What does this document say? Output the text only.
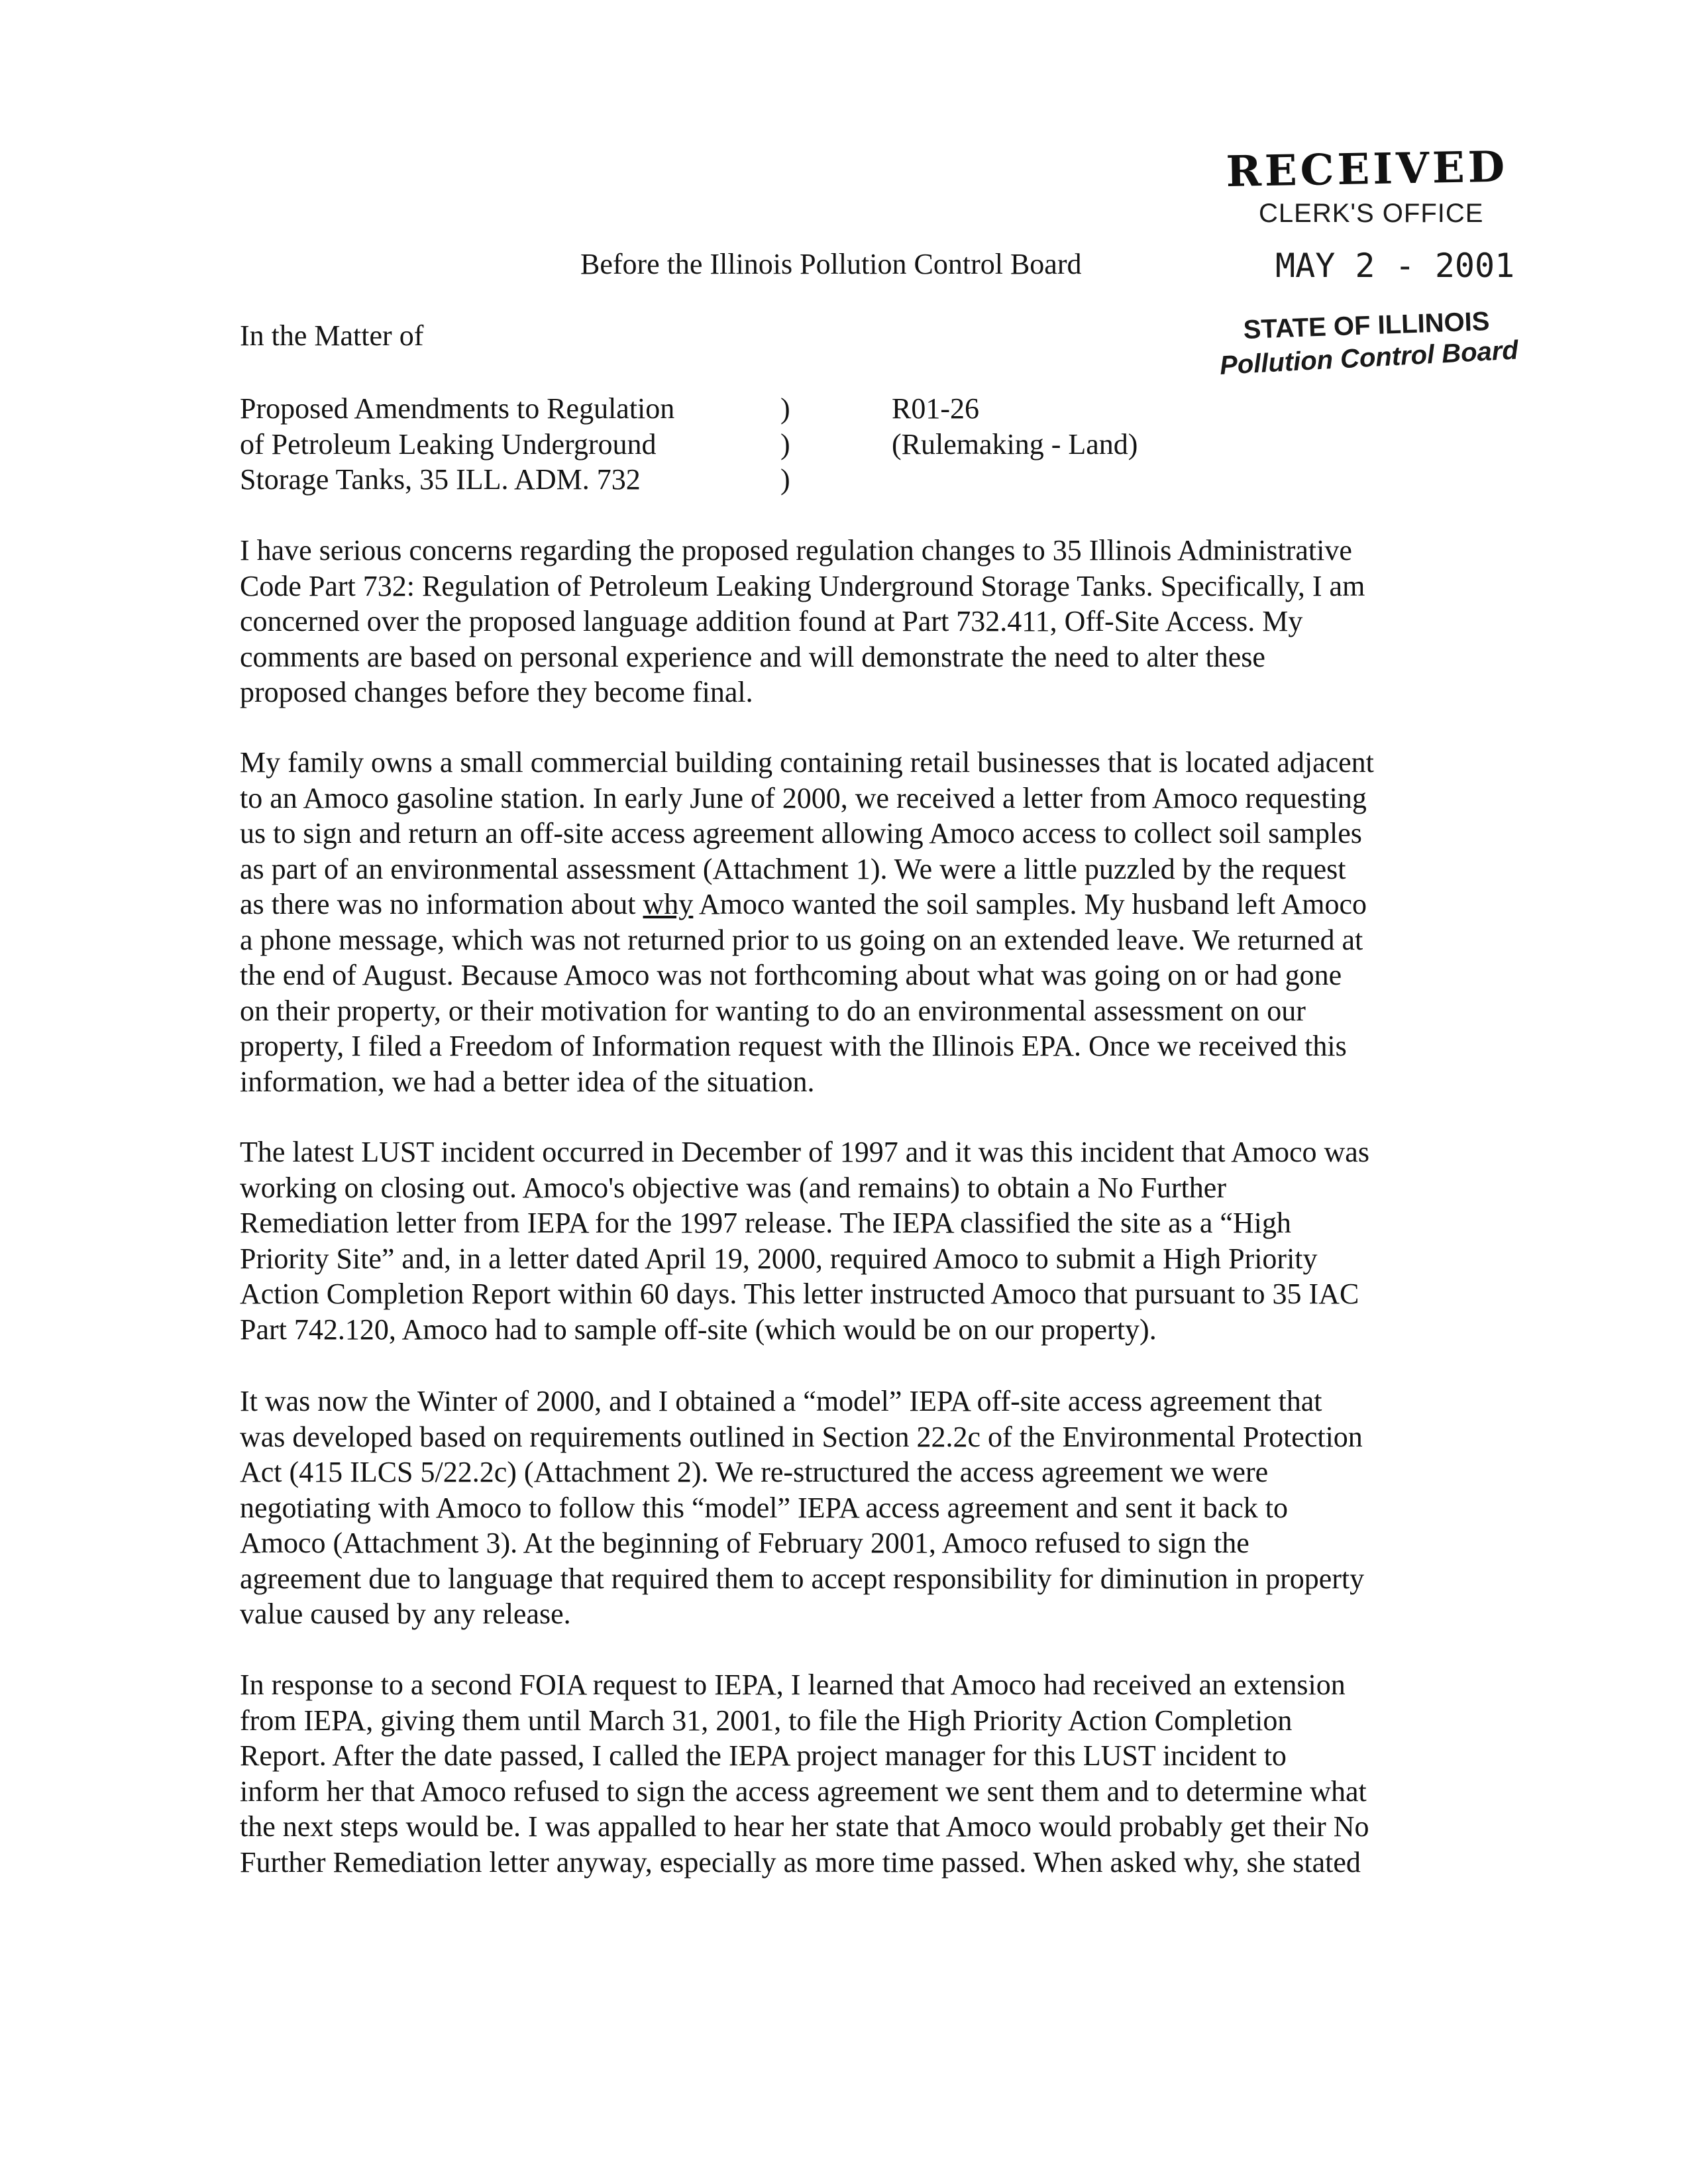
RECEIVED
CLERK'S OFFICE
MAY 2 - 2001
STATE OF ILLINOIS
Pollution Control Board
Before the Illinois Pollution Control Board
In the Matter of
Proposed Amendments to Regulation
of Petroleum Leaking Underground
Storage Tanks, 35 ILL. ADM. 732
)
)
)
R01-26
(Rulemaking - Land)
I have serious concerns regarding the proposed regulation changes to 35 Illinois Administrative
Code Part 732: Regulation of Petroleum Leaking Underground Storage Tanks. Specifically, I am
concerned over the proposed language addition found at Part 732.411, Off-Site Access. My
comments are based on personal experience and will demonstrate the need to alter these
proposed changes before they become final.
My family owns a small commercial building containing retail businesses that is located adjacent
to an Amoco gasoline station. In early June of 2000, we received a letter from Amoco requesting
us to sign and return an off-site access agreement allowing Amoco access to collect soil samples
as part of an environmental assessment (Attachment 1). We were a little puzzled by the request
as there was no information about why Amoco wanted the soil samples. My husband left Amoco
a phone message, which was not returned prior to us going on an extended leave. We returned at
the end of August. Because Amoco was not forthcoming about what was going on or had gone
on their property, or their motivation for wanting to do an environmental assessment on our
property, I filed a Freedom of Information request with the Illinois EPA. Once we received this
information, we had a better idea of the situation.
The latest LUST incident occurred in December of 1997 and it was this incident that Amoco was
working on closing out. Amoco's objective was (and remains) to obtain a No Further
Remediation letter from IEPA for the 1997 release. The IEPA classified the site as a “High
Priority Site” and, in a letter dated April 19, 2000, required Amoco to submit a High Priority
Action Completion Report within 60 days. This letter instructed Amoco that pursuant to 35 IAC
Part 742.120, Amoco had to sample off-site (which would be on our property).
It was now the Winter of 2000, and I obtained a “model” IEPA off-site access agreement that
was developed based on requirements outlined in Section 22.2c of the Environmental Protection
Act (415 ILCS 5/22.2c) (Attachment 2). We re-structured the access agreement we were
negotiating with Amoco to follow this “model” IEPA access agreement and sent it back to
Amoco (Attachment 3). At the beginning of February 2001, Amoco refused to sign the
agreement due to language that required them to accept responsibility for diminution in property
value caused by any release.
In response to a second FOIA request to IEPA, I learned that Amoco had received an extension
from IEPA, giving them until March 31, 2001, to file the High Priority Action Completion
Report. After the date passed, I called the IEPA project manager for this LUST incident to
inform her that Amoco refused to sign the access agreement we sent them and to determine what
the next steps would be. I was appalled to hear her state that Amoco would probably get their No
Further Remediation letter anyway, especially as more time passed. When asked why, she stated
